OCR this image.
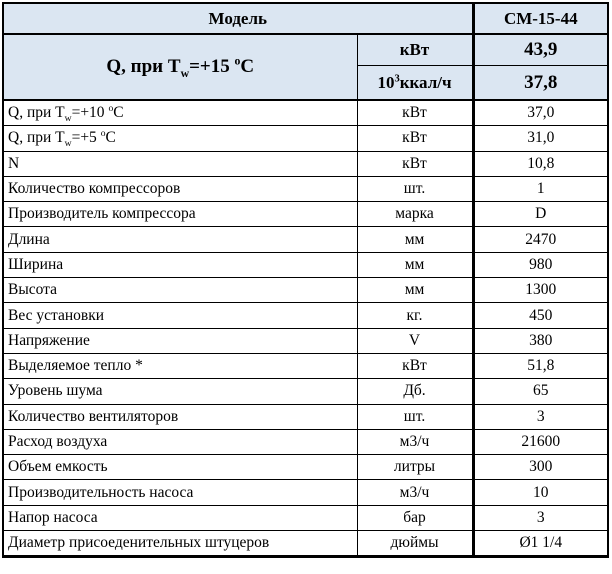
Модель		СМ-15-44
Q, при $T_w=+15$ $^o$C	кВт	43,9
	$10^3ккал/ч$	37,8
Q, при $T_w=+10$ $^o$C	кВт	37,0
Q, при $T_w=+5$ $^o$C	кВт	31,0
N	кВт	10,8
Количество компрессоров	шт.	1
Производитель компрессора	марка	D
Длина	мм	2470
Ширина	мм	980
Высота	мм	1300
Вес установки	кг.	450
Напряжение	V	380
Выделяемое тепло *	кВт	51,8
Уровень шума	Дб.	65
Количество вентиляторов	шт.	3
Расход воздуха	м3/ч	21600
Объем емкость	литры	300
Производительность насоса	м3/ч	10
Напор насоса	бар	3
Диаметр присоеденительных штуцеров	дюймы	Ø1 1/4
